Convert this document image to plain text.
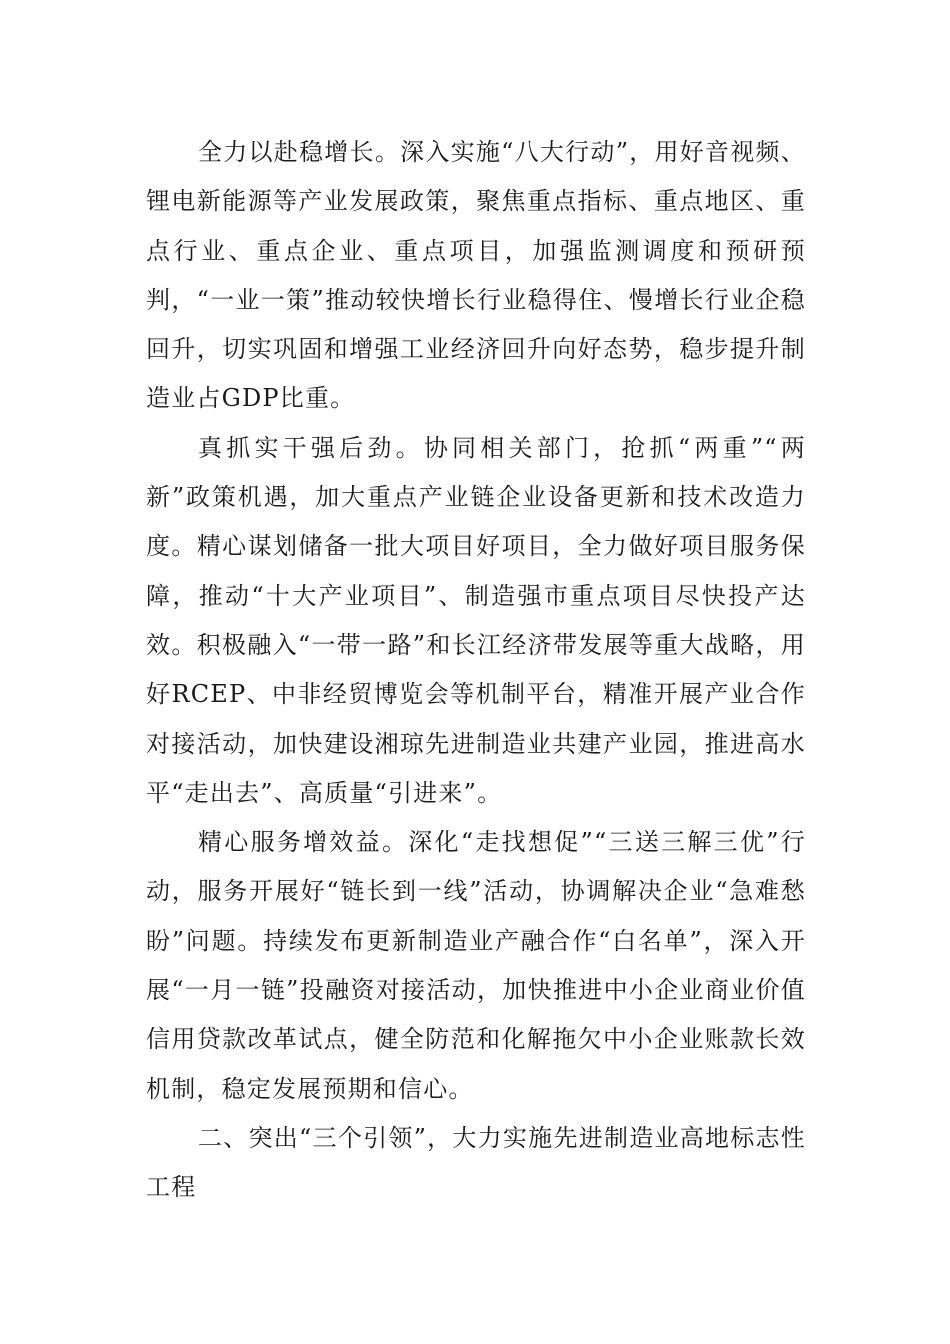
全力以赴稳增长。深入实施“八大行动”，用好音视频、锂电新能源等产业发展政策，聚焦重点指标、重点地区、重点行业、重点企业、重点项目，加强监测调度和预研预判，“一业一策”推动较快增长行业稳得住、慢增长行业企稳回升，切实巩固和增强工业经济回升向好态势，稳步提升制造业占GDP比重。

真抓实干强后劲。协同相关部门，抢抓“两重”“两新”政策机遇，加大重点产业链企业设备更新和技术改造力度。精心谋划储备一批大项目好项目，全力做好项目服务保障，推动“十大产业项目”、制造强市重点项目尽快投产达效。积极融入“一带一路”和长江经济带发展等重大战略，用好RCEP、中非经贸博览会等机制平台，精准开展产业合作对接活动，加快建设湘琼先进制造业共建产业园，推进高水平“走出去”、高质量“引进来”。

精心服务增效益。深化“走找想促”“三送三解三优”行动，服务开展好“链长到一线”活动，协调解决企业“急难愁盼”问题。持续发布更新制造业产融合作“白名单”，深入开展“一月一链”投融资对接活动，加快推进中小企业商业价值信用贷款改革试点，健全防范和化解拖欠中小企业账款长效机制，稳定发展预期和信心。

二、突出“三个引领”，大力实施先进制造业高地标志性工程
